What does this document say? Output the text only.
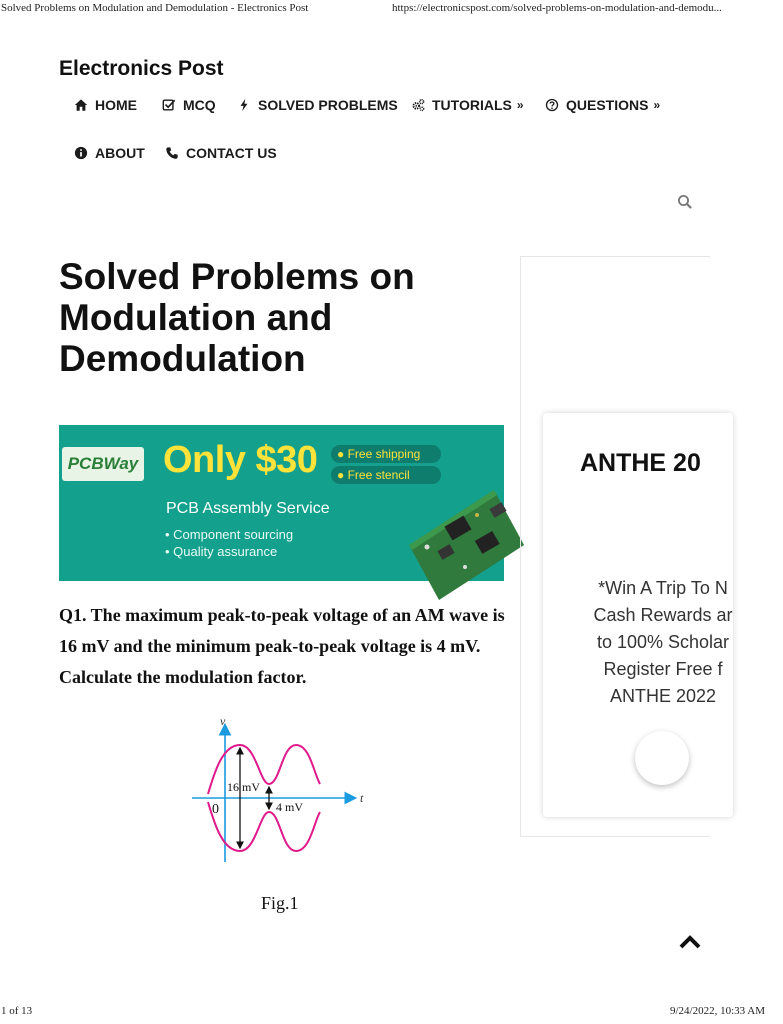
Solved Problems on Modulation and Demodulation - Electronics Post	https://electronicspost.com/solved-problems-on-modulation-and-demodu...
Electronics Post
HOME	MCQ	SOLVED PROBLEMS TUTORIALS »	QUESTIONS »
ABOUT	CONTACT US
Solved Problems on Modulation and Demodulation
PCBWay Only $30	● Free shipping
● Free stencil
PCB Assembly Service
• Component sourcing
• Quality assurance

Q1. The maximum peak-to-peak voltage of an AM wave is 16 mV and the minimum peak-to-peak voltage is 4 mV. Calculate the modulation factor.

v
t
0
16 mV
4 mV
Fig.1
ANTHE 20
*Win A Trip To N
Cash Rewards ar
to 100% Scholar
Register Free f
ANTHE 2022
1 of 13	9/24/2022, 10:33 AM
